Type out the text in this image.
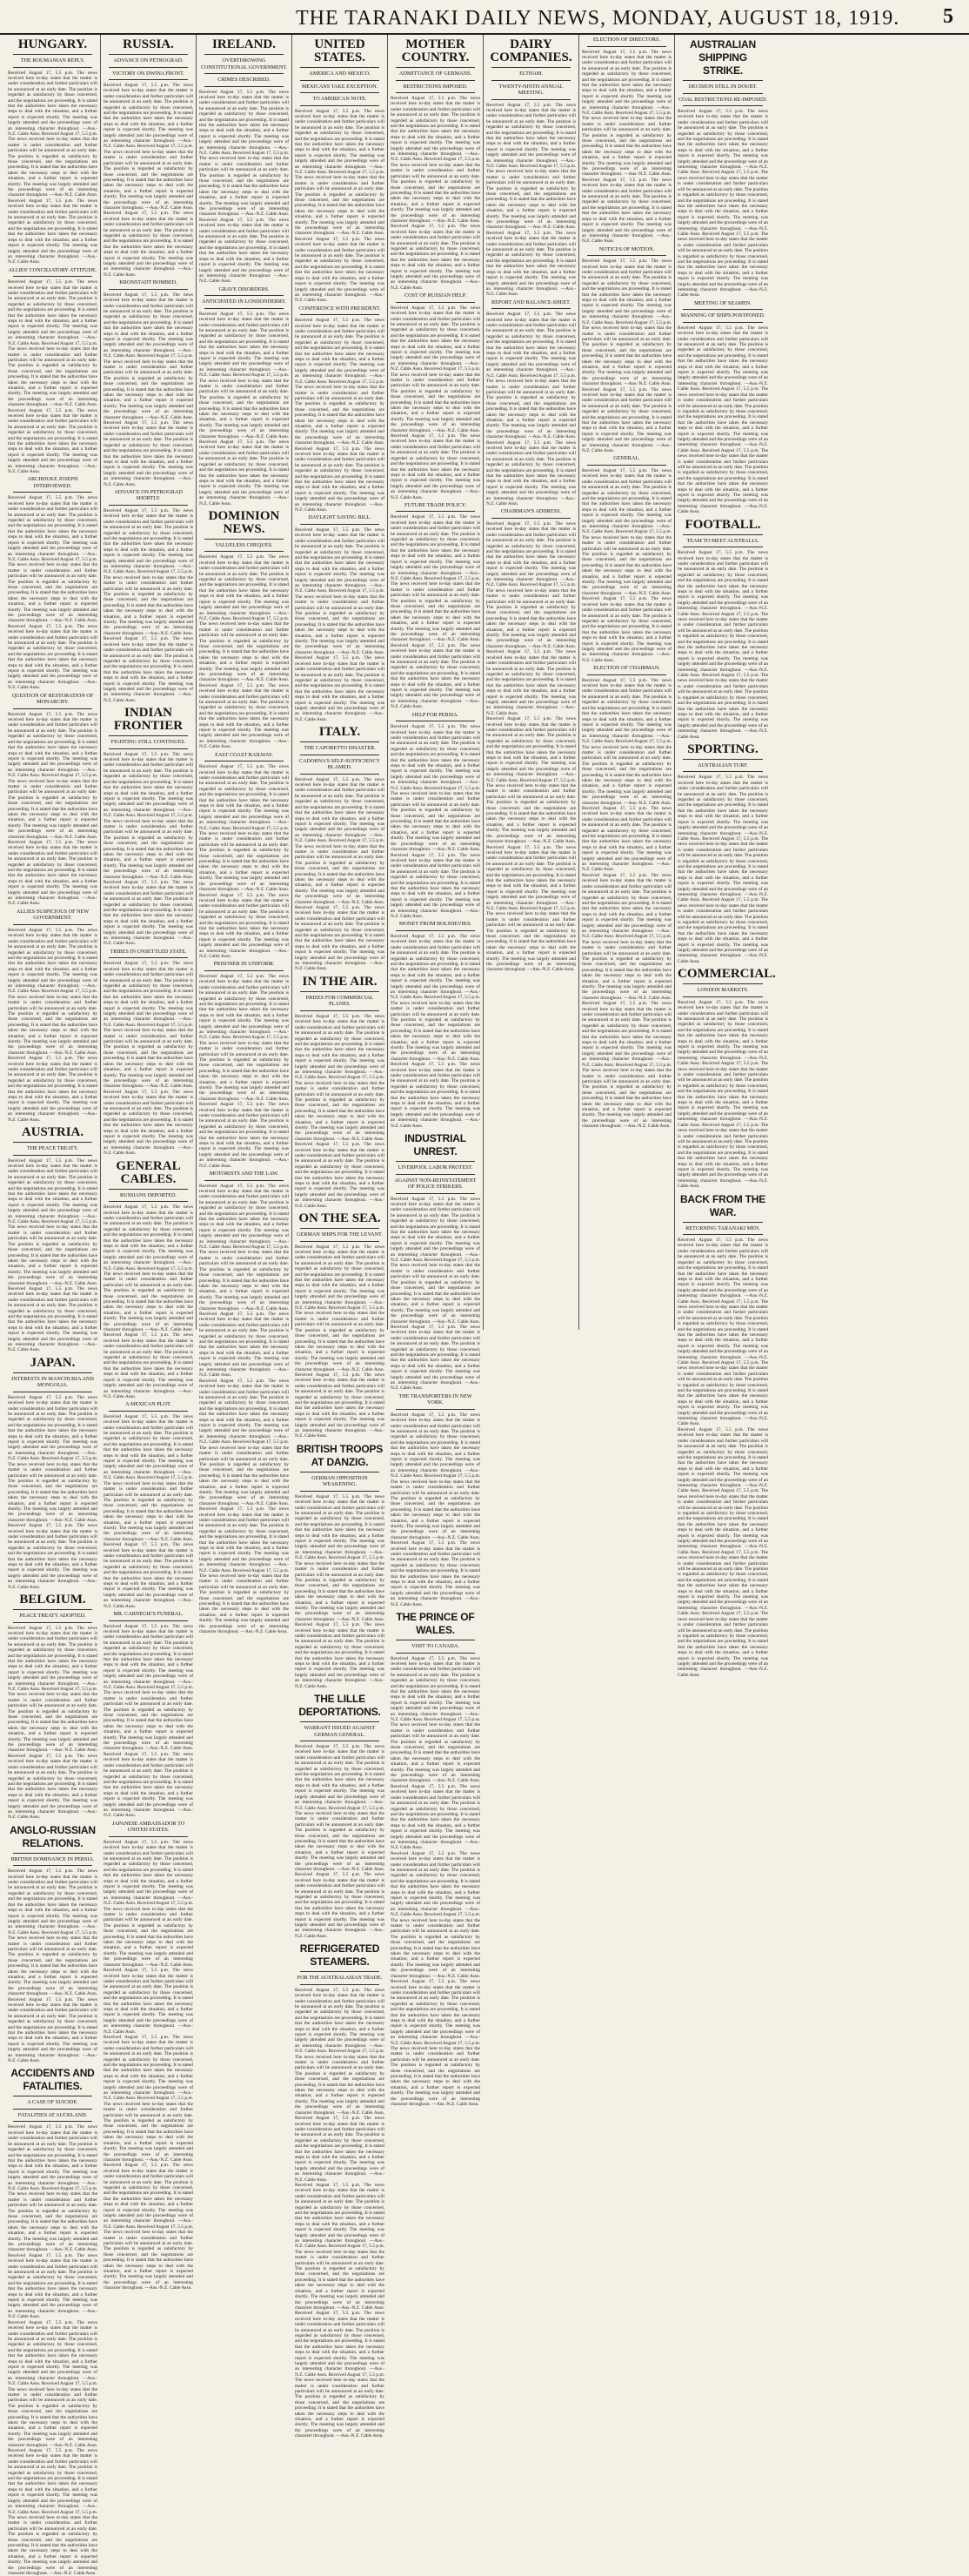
THE TARANAKI DAILY NEWS, MONDAY, AUGUST 18, 1919. 5
HUNGARY.
THE ROUMANIAN REPLY.
Received August 17, 5.5 p.m. The news received here to-day states that the matter is under consideration and further particulars will be announced at an early date. The position is regarded as satisfactory by those concerned, and the negotiations are proceeding. It is stated that the authorities have taken the necessary steps to deal with the situation, and a further report is expected shortly. The meeting was largely attended and the proceedings were of an interesting character throughout. —Aus.-N.Z. Cable Assn. Received August 17, 5.5 p.m. The news received here to-day states that the matter is under consideration and further particulars will be announced at an early date. The position is regarded as satisfactory by those concerned, and the negotiations are proceeding. It is stated that the authorities have taken the necessary steps to deal with the situation, and a further report is expected shortly. The meeting was largely attended and the proceedings were of an interesting character throughout. —Aus.-N.Z. Cable Assn. Received August 17, 5.5 p.m. The news received here to-day states that the matter is under consideration and further particulars will be announced at an early date. The position is regarded as satisfactory by those concerned, and the negotiations are proceeding. It is stated that the authorities have taken the necessary steps to deal with the situation, and a further report is expected shortly. The meeting was largely attended and the proceedings were of an interesting character throughout. —Aus.-N.Z. Cable Assn.
ALLIES' CONCILIATORY ATTITUDE.
Received August 17, 5.5 p.m. The news received here to-day states that the matter is under consideration and further particulars will be announced at an early date. The position is regarded as satisfactory by those concerned, and the negotiations are proceeding. It is stated that the authorities have taken the necessary steps to deal with the situation, and a further report is expected shortly. The meeting was largely attended and the proceedings were of an interesting character throughout. —Aus.-N.Z. Cable Assn. Received August 17, 5.5 p.m. The news received here to-day states that the matter is under consideration and further particulars will be announced at an early date. The position is regarded as satisfactory by those concerned, and the negotiations are proceeding. It is stated that the authorities have taken the necessary steps to deal with the situation, and a further report is expected shortly. The meeting was largely attended and the proceedings were of an interesting character throughout. —Aus.-N.Z. Cable Assn. Received August 17, 5.5 p.m. The news received here to-day states that the matter is under consideration and further particulars will be announced at an early date. The position is regarded as satisfactory by those concerned, and the negotiations are proceeding. It is stated that the authorities have taken the necessary steps to deal with the situation, and a further report is expected shortly. The meeting was largely attended and the proceedings were of an interesting character throughout. —Aus.-N.Z. Cable Assn.
ARCHDUKE JOSEPH INTERVIEWED.
Received August 17, 5.5 p.m. The news received here to-day states that the matter is under consideration and further particulars will be announced at an early date. The position is regarded as satisfactory by those concerned, and the negotiations are proceeding. It is stated that the authorities have taken the necessary steps to deal with the situation, and a further report is expected shortly. The meeting was largely attended and the proceedings were of an interesting character throughout. —Aus.-N.Z. Cable Assn. Received August 17, 5.5 p.m. The news received here to-day states that the matter is under consideration and further particulars will be announced at an early date. The position is regarded as satisfactory by those concerned, and the negotiations are proceeding. It is stated that the authorities have taken the necessary steps to deal with the situation, and a further report is expected shortly. The meeting was largely attended and the proceedings were of an interesting character throughout. —Aus.-N.Z. Cable Assn. Received August 17, 5.5 p.m. The news received here to-day states that the matter is under consideration and further particulars will be announced at an early date. The position is regarded as satisfactory by those concerned, and the negotiations are proceeding. It is stated that the authorities have taken the necessary steps to deal with the situation, and a further report is expected shortly. The meeting was largely attended and the proceedings were of an interesting character throughout. —Aus.-N.Z. Cable Assn.
QUESTION OF RESTORATION OF MONARCHY.
Received August 17, 5.5 p.m. The news received here to-day states that the matter is under consideration and further particulars will be announced at an early date. The position is regarded as satisfactory by those concerned, and the negotiations are proceeding. It is stated that the authorities have taken the necessary steps to deal with the situation, and a further report is expected shortly. The meeting was largely attended and the proceedings were of an interesting character throughout. —Aus.-N.Z. Cable Assn. Received August 17, 5.5 p.m. The news received here to-day states that the matter is under consideration and further particulars will be announced at an early date. The position is regarded as satisfactory by those concerned, and the negotiations are proceeding. It is stated that the authorities have taken the necessary steps to deal with the situation, and a further report is expected shortly. The meeting was largely attended and the proceedings were of an interesting character throughout. —Aus.-N.Z. Cable Assn. Received August 17, 5.5 p.m. The news received here to-day states that the matter is under consideration and further particulars will be announced at an early date. The position is regarded as satisfactory by those concerned, and the negotiations are proceeding. It is stated that the authorities have taken the necessary steps to deal with the situation, and a further report is expected shortly. The meeting was largely attended and the proceedings were of an interesting character throughout. —Aus.-N.Z. Cable Assn.
ALLIES SUSPICIOUS OF NEW GOVERNMENT.
Received August 17, 5.5 p.m. The news received here to-day states that the matter is under consideration and further particulars will be announced at an early date. The position is regarded as satisfactory by those concerned, and the negotiations are proceeding. It is stated that the authorities have taken the necessary steps to deal with the situation, and a further report is expected shortly. The meeting was largely attended and the proceedings were of an interesting character throughout. —Aus.-N.Z. Cable Assn. Received August 17, 5.5 p.m. The news received here to-day states that the matter is under consideration and further particulars will be announced at an early date. The position is regarded as satisfactory by those concerned, and the negotiations are proceeding. It is stated that the authorities have taken the necessary steps to deal with the situation, and a further report is expected shortly. The meeting was largely attended and the proceedings were of an interesting character throughout. —Aus.-N.Z. Cable Assn. Received August 17, 5.5 p.m. The news received here to-day states that the matter is under consideration and further particulars will be announced at an early date. The position is regarded as satisfactory by those concerned, and the negotiations are proceeding. It is stated that the authorities have taken the necessary steps to deal with the situation, and a further report is expected shortly. The meeting was largely attended and the proceedings were of an interesting character throughout. —Aus.-N.Z. Cable Assn.
AUSTRIA.
THE PEACE TREATY.
Received August 17, 5.5 p.m. The news received here to-day states that the matter is under consideration and further particulars will be announced at an early date. The position is regarded as satisfactory by those concerned, and the negotiations are proceeding. It is stated that the authorities have taken the necessary steps to deal with the situation, and a further report is expected shortly. The meeting was largely attended and the proceedings were of an interesting character throughout. —Aus.-N.Z. Cable Assn. Received August 17, 5.5 p.m. The news received here to-day states that the matter is under consideration and further particulars will be announced at an early date. The position is regarded as satisfactory by those concerned, and the negotiations are proceeding. It is stated that the authorities have taken the necessary steps to deal with the situation, and a further report is expected shortly. The meeting was largely attended and the proceedings were of an interesting character throughout. —Aus.-N.Z. Cable Assn. Received August 17, 5.5 p.m. The news received here to-day states that the matter is under consideration and further particulars will be announced at an early date. The position is regarded as satisfactory by those concerned, and the negotiations are proceeding. It is stated that the authorities have taken the necessary steps to deal with the situation, and a further report is expected shortly. The meeting was largely attended and the proceedings were of an interesting character throughout. —Aus.-N.Z. Cable Assn.
JAPAN.
INTERESTS IN MANCHURIA AND MONGOLIA.
Received August 17, 5.5 p.m. The news received here to-day states that the matter is under consideration and further particulars will be announced at an early date. The position is regarded as satisfactory by those concerned, and the negotiations are proceeding. It is stated that the authorities have taken the necessary steps to deal with the situation, and a further report is expected shortly. The meeting was largely attended and the proceedings were of an interesting character throughout. —Aus.-N.Z. Cable Assn. Received August 17, 5.5 p.m. The news received here to-day states that the matter is under consideration and further particulars will be announced at an early date. The position is regarded as satisfactory by those concerned, and the negotiations are proceeding. It is stated that the authorities have taken the necessary steps to deal with the situation, and a further report is expected shortly. The meeting was largely attended and the proceedings were of an interesting character throughout. —Aus.-N.Z. Cable Assn. Received August 17, 5.5 p.m. The news received here to-day states that the matter is under consideration and further particulars will be announced at an early date. The position is regarded as satisfactory by those concerned, and the negotiations are proceeding. It is stated that the authorities have taken the necessary steps to deal with the situation, and a further report is expected shortly. The meeting was largely attended and the proceedings were of an interesting character throughout. —Aus.-N.Z. Cable Assn.
BELGIUM.
PEACE TREATY ADOPTED.
Received August 17, 5.5 p.m. The news received here to-day states that the matter is under consideration and further particulars will be announced at an early date. The position is regarded as satisfactory by those concerned, and the negotiations are proceeding. It is stated that the authorities have taken the necessary steps to deal with the situation, and a further report is expected shortly. The meeting was largely attended and the proceedings were of an interesting character throughout. —Aus.-N.Z. Cable Assn. Received August 17, 5.5 p.m. The news received here to-day states that the matter is under consideration and further particulars will be announced at an early date. The position is regarded as satisfactory by those concerned, and the negotiations are proceeding. It is stated that the authorities have taken the necessary steps to deal with the situation, and a further report is expected shortly. The meeting was largely attended and the proceedings were of an interesting character throughout. —Aus.-N.Z. Cable Assn. Received August 17, 5.5 p.m. The news received here to-day states that the matter is under consideration and further particulars will be announced at an early date. The position is regarded as satisfactory by those concerned, and the negotiations are proceeding. It is stated that the authorities have taken the necessary steps to deal with the situation, and a further report is expected shortly. The meeting was largely attended and the proceedings were of an interesting character throughout. —Aus.-N.Z. Cable Assn.
ANGLO-RUSSIAN RELATIONS.
BRITISH DOMINANCE IN PERSIA.
Received August 17, 5.5 p.m. The news received here to-day states that the matter is under consideration and further particulars will be announced at an early date. The position is regarded as satisfactory by those concerned, and the negotiations are proceeding. It is stated that the authorities have taken the necessary steps to deal with the situation, and a further report is expected shortly. The meeting was largely attended and the proceedings were of an interesting character throughout. —Aus.-N.Z. Cable Assn. Received August 17, 5.5 p.m. The news received here to-day states that the matter is under consideration and further particulars will be announced at an early date. The position is regarded as satisfactory by those concerned, and the negotiations are proceeding. It is stated that the authorities have taken the necessary steps to deal with the situation, and a further report is expected shortly. The meeting was largely attended and the proceedings were of an interesting character throughout. —Aus.-N.Z. Cable Assn. Received August 17, 5.5 p.m. The news received here to-day states that the matter is under consideration and further particulars will be announced at an early date. The position is regarded as satisfactory by those concerned, and the negotiations are proceeding. It is stated that the authorities have taken the necessary steps to deal with the situation, and a further report is expected shortly. The meeting was largely attended and the proceedings were of an interesting character throughout. —Aus.-N.Z. Cable Assn.
ACCIDENTS AND FATALITIES.
A CASE OF SUICIDE.
FATALITIES AT AUCKLAND.
Received August 17, 5.5 p.m. The news received here to-day states that the matter is under consideration and further particulars will be announced at an early date. The position is regarded as satisfactory by those concerned, and the negotiations are proceeding. It is stated that the authorities have taken the necessary steps to deal with the situation, and a further report is expected shortly. The meeting was largely attended and the proceedings were of an interesting character throughout. —Aus.-N.Z. Cable Assn. Received August 17, 5.5 p.m. The news received here to-day states that the matter is under consideration and further particulars will be announced at an early date. The position is regarded as satisfactory by those concerned, and the negotiations are proceeding. It is stated that the authorities have taken the necessary steps to deal with the situation, and a further report is expected shortly. The meeting was largely attended and the proceedings were of an interesting character throughout. —Aus.-N.Z. Cable Assn. Received August 17, 5.5 p.m. The news received here to-day states that the matter is under consideration and further particulars will be announced at an early date. The position is regarded as satisfactory by those concerned, and the negotiations are proceeding. It is stated that the authorities have taken the necessary steps to deal with the situation, and a further report is expected shortly. The meeting was largely attended and the proceedings were of an interesting character throughout. —Aus.-N.Z. Cable Assn.
Received August 17, 5.5 p.m. The news received here to-day states that the matter is under consideration and further particulars will be announced at an early date. The position is regarded as satisfactory by those concerned, and the negotiations are proceeding. It is stated that the authorities have taken the necessary steps to deal with the situation, and a further report is expected shortly. The meeting was largely attended and the proceedings were of an interesting character throughout. —Aus.-N.Z. Cable Assn. Received August 17, 5.5 p.m. The news received here to-day states that the matter is under consideration and further particulars will be announced at an early date. The position is regarded as satisfactory by those concerned, and the negotiations are proceeding. It is stated that the authorities have taken the necessary steps to deal with the situation, and a further report is expected shortly. The meeting was largely attended and the proceedings were of an interesting character throughout. —Aus.-N.Z. Cable Assn. Received August 17, 5.5 p.m. The news received here to-day states that the matter is under consideration and further particulars will be announced at an early date. The position is regarded as satisfactory by those concerned, and the negotiations are proceeding. It is stated that the authorities have taken the necessary steps to deal with the situation, and a further report is expected shortly. The meeting was largely attended and the proceedings were of an interesting character throughout. —Aus.-N.Z. Cable Assn. Received August 17, 5.5 p.m. The news received here to-day states that the matter is under consideration and further particulars will be announced at an early date. The position is regarded as satisfactory by those concerned, and the negotiations are proceeding. It is stated that the authorities have taken the necessary steps to deal with the situation, and a further report is expected shortly. The meeting was largely attended and the proceedings were of an interesting character throughout. —Aus.-N.Z. Cable Assn.
RUSSIA.
ADVANCE ON PETROGRAD.
VICTORY ON DWINA FRONT.
Received August 17, 5.5 p.m. The news received here to-day states that the matter is under consideration and further particulars will be announced at an early date. The position is regarded as satisfactory by those concerned, and the negotiations are proceeding. It is stated that the authorities have taken the necessary steps to deal with the situation, and a further report is expected shortly. The meeting was largely attended and the proceedings were of an interesting character throughout. —Aus.-N.Z. Cable Assn. Received August 17, 5.5 p.m. The news received here to-day states that the matter is under consideration and further particulars will be announced at an early date. The position is regarded as satisfactory by those concerned, and the negotiations are proceeding. It is stated that the authorities have taken the necessary steps to deal with the situation, and a further report is expected shortly. The meeting was largely attended and the proceedings were of an interesting character throughout. —Aus.-N.Z. Cable Assn. Received August 17, 5.5 p.m. The news received here to-day states that the matter is under consideration and further particulars will be announced at an early date. The position is regarded as satisfactory by those concerned, and the negotiations are proceeding. It is stated that the authorities have taken the necessary steps to deal with the situation, and a further report is expected shortly. The meeting was largely attended and the proceedings were of an interesting character throughout. —Aus.-N.Z. Cable Assn.
KRONSTADT BOMBED.
Received August 17, 5.5 p.m. The news received here to-day states that the matter is under consideration and further particulars will be announced at an early date. The position is regarded as satisfactory by those concerned, and the negotiations are proceeding. It is stated that the authorities have taken the necessary steps to deal with the situation, and a further report is expected shortly. The meeting was largely attended and the proceedings were of an interesting character throughout. —Aus.-N.Z. Cable Assn. Received August 17, 5.5 p.m. The news received here to-day states that the matter is under consideration and further particulars will be announced at an early date. The position is regarded as satisfactory by those concerned, and the negotiations are proceeding. It is stated that the authorities have taken the necessary steps to deal with the situation, and a further report is expected shortly. The meeting was largely attended and the proceedings were of an interesting character throughout. —Aus.-N.Z. Cable Assn. Received August 17, 5.5 p.m. The news received here to-day states that the matter is under consideration and further particulars will be announced at an early date. The position is regarded as satisfactory by those concerned, and the negotiations are proceeding. It is stated that the authorities have taken the necessary steps to deal with the situation, and a further report is expected shortly. The meeting was largely attended and the proceedings were of an interesting character throughout. —Aus.-N.Z. Cable Assn.
ADVANCE ON PETROGRAD SHORTLY.
Received August 17, 5.5 p.m. The news received here to-day states that the matter is under consideration and further particulars will be announced at an early date. The position is regarded as satisfactory by those concerned, and the negotiations are proceeding. It is stated that the authorities have taken the necessary steps to deal with the situation, and a further report is expected shortly. The meeting was largely attended and the proceedings were of an interesting character throughout. —Aus.-N.Z. Cable Assn. Received August 17, 5.5 p.m. The news received here to-day states that the matter is under consideration and further particulars will be announced at an early date. The position is regarded as satisfactory by those concerned, and the negotiations are proceeding. It is stated that the authorities have taken the necessary steps to deal with the situation, and a further report is expected shortly. The meeting was largely attended and the proceedings were of an interesting character throughout. —Aus.-N.Z. Cable Assn. Received August 17, 5.5 p.m. The news received here to-day states that the matter is under consideration and further particulars will be announced at an early date. The position is regarded as satisfactory by those concerned, and the negotiations are proceeding. It is stated that the authorities have taken the necessary steps to deal with the situation, and a further report is expected shortly. The meeting was largely attended and the proceedings were of an interesting character throughout. —Aus.-N.Z. Cable Assn.
INDIAN FRONTIER
FIGHTING STILL CONTINUES.
Received August 17, 5.5 p.m. The news received here to-day states that the matter is under consideration and further particulars will be announced at an early date. The position is regarded as satisfactory by those concerned, and the negotiations are proceeding. It is stated that the authorities have taken the necessary steps to deal with the situation, and a further report is expected shortly. The meeting was largely attended and the proceedings were of an interesting character throughout. —Aus.-N.Z. Cable Assn. Received August 17, 5.5 p.m. The news received here to-day states that the matter is under consideration and further particulars will be announced at an early date. The position is regarded as satisfactory by those concerned, and the negotiations are proceeding. It is stated that the authorities have taken the necessary steps to deal with the situation, and a further report is expected shortly. The meeting was largely attended and the proceedings were of an interesting character throughout. —Aus.-N.Z. Cable Assn. Received August 17, 5.5 p.m. The news received here to-day states that the matter is under consideration and further particulars will be announced at an early date. The position is regarded as satisfactory by those concerned, and the negotiations are proceeding. It is stated that the authorities have taken the necessary steps to deal with the situation, and a further report is expected shortly. The meeting was largely attended and the proceedings were of an interesting character throughout. —Aus.-N.Z. Cable Assn.
TRIBES IN UNSETTLED STATE.
Received August 17, 5.5 p.m. The news received here to-day states that the matter is under consideration and further particulars will be announced at an early date. The position is regarded as satisfactory by those concerned, and the negotiations are proceeding. It is stated that the authorities have taken the necessary steps to deal with the situation, and a further report is expected shortly. The meeting was largely attended and the proceedings were of an interesting character throughout. —Aus.-N.Z. Cable Assn. Received August 17, 5.5 p.m. The news received here to-day states that the matter is under consideration and further particulars will be announced at an early date. The position is regarded as satisfactory by those concerned, and the negotiations are proceeding. It is stated that the authorities have taken the necessary steps to deal with the situation, and a further report is expected shortly. The meeting was largely attended and the proceedings were of an interesting character throughout. —Aus.-N.Z. Cable Assn. Received August 17, 5.5 p.m. The news received here to-day states that the matter is under consideration and further particulars will be announced at an early date. The position is regarded as satisfactory by those concerned, and the negotiations are proceeding. It is stated that the authorities have taken the necessary steps to deal with the situation, and a further report is expected shortly. The meeting was largely attended and the proceedings were of an interesting character throughout. —Aus.-N.Z. Cable Assn.
GENERAL CABLES.
RUSSIANS DEPORTED.
Received August 17, 5.5 p.m. The news received here to-day states that the matter is under consideration and further particulars will be announced at an early date. The position is regarded as satisfactory by those concerned, and the negotiations are proceeding. It is stated that the authorities have taken the necessary steps to deal with the situation, and a further report is expected shortly. The meeting was largely attended and the proceedings were of an interesting character throughout. —Aus.-N.Z. Cable Assn. Received August 17, 5.5 p.m. The news received here to-day states that the matter is under consideration and further particulars will be announced at an early date. The position is regarded as satisfactory by those concerned, and the negotiations are proceeding. It is stated that the authorities have taken the necessary steps to deal with the situation, and a further report is expected shortly. The meeting was largely attended and the proceedings were of an interesting character throughout. —Aus.-N.Z. Cable Assn. Received August 17, 5.5 p.m. The news received here to-day states that the matter is under consideration and further particulars will be announced at an early date. The position is regarded as satisfactory by those concerned, and the negotiations are proceeding. It is stated that the authorities have taken the necessary steps to deal with the situation, and a further report is expected shortly. The meeting was largely attended and the proceedings were of an interesting character throughout. —Aus.-N.Z. Cable Assn.
A MEXICAN PLOT.
Received August 17, 5.5 p.m. The news received here to-day states that the matter is under consideration and further particulars will be announced at an early date. The position is regarded as satisfactory by those concerned, and the negotiations are proceeding. It is stated that the authorities have taken the necessary steps to deal with the situation, and a further report is expected shortly. The meeting was largely attended and the proceedings were of an interesting character throughout. —Aus.-N.Z. Cable Assn. Received August 17, 5.5 p.m. The news received here to-day states that the matter is under consideration and further particulars will be announced at an early date. The position is regarded as satisfactory by those concerned, and the negotiations are proceeding. It is stated that the authorities have taken the necessary steps to deal with the situation, and a further report is expected shortly. The meeting was largely attended and the proceedings were of an interesting character throughout. —Aus.-N.Z. Cable Assn. Received August 17, 5.5 p.m. The news received here to-day states that the matter is under consideration and further particulars will be announced at an early date. The position is regarded as satisfactory by those concerned, and the negotiations are proceeding. It is stated that the authorities have taken the necessary steps to deal with the situation, and a further report is expected shortly. The meeting was largely attended and the proceedings were of an interesting character throughout. —Aus.-N.Z. Cable Assn.
MR. CARNEGIE'S FUNERAL.
Received August 17, 5.5 p.m. The news received here to-day states that the matter is under consideration and further particulars will be announced at an early date. The position is regarded as satisfactory by those concerned, and the negotiations are proceeding. It is stated that the authorities have taken the necessary steps to deal with the situation, and a further report is expected shortly. The meeting was largely attended and the proceedings were of an interesting character throughout. —Aus.-N.Z. Cable Assn. Received August 17, 5.5 p.m. The news received here to-day states that the matter is under consideration and further particulars will be announced at an early date. The position is regarded as satisfactory by those concerned, and the negotiations are proceeding. It is stated that the authorities have taken the necessary steps to deal with the situation, and a further report is expected shortly. The meeting was largely attended and the proceedings were of an interesting character throughout. —Aus.-N.Z. Cable Assn. Received August 17, 5.5 p.m. The news received here to-day states that the matter is under consideration and further particulars will be announced at an early date. The position is regarded as satisfactory by those concerned, and the negotiations are proceeding. It is stated that the authorities have taken the necessary steps to deal with the situation, and a further report is expected shortly. The meeting was largely attended and the proceedings were of an interesting character throughout. —Aus.-N.Z. Cable Assn.
JAPANESE AMBASSADOR TO UNITED STATES.
Received August 17, 5.5 p.m. The news received here to-day states that the matter is under consideration and further particulars will be announced at an early date. The position is regarded as satisfactory by those concerned, and the negotiations are proceeding. It is stated that the authorities have taken the necessary steps to deal with the situation, and a further report is expected shortly. The meeting was largely attended and the proceedings were of an interesting character throughout. —Aus.-N.Z. Cable Assn. Received August 17, 5.5 p.m. The news received here to-day states that the matter is under consideration and further particulars will be announced at an early date. The position is regarded as satisfactory by those concerned, and the negotiations are proceeding. It is stated that the authorities have taken the necessary steps to deal with the situation, and a further report is expected shortly. The meeting was largely attended and the proceedings were of an interesting character throughout. —Aus.-N.Z. Cable Assn. Received August 17, 5.5 p.m. The news received here to-day states that the matter is under consideration and further particulars will be announced at an early date. The position is regarded as satisfactory by those concerned, and the negotiations are proceeding. It is stated that the authorities have taken the necessary steps to deal with the situation, and a further report is expected shortly. The meeting was largely attended and the proceedings were of an interesting character throughout. —Aus.-N.Z. Cable Assn.
Received August 17, 5.5 p.m. The news received here to-day states that the matter is under consideration and further particulars will be announced at an early date. The position is regarded as satisfactory by those concerned, and the negotiations are proceeding. It is stated that the authorities have taken the necessary steps to deal with the situation, and a further report is expected shortly. The meeting was largely attended and the proceedings were of an interesting character throughout. —Aus.-N.Z. Cable Assn. Received August 17, 5.5 p.m. The news received here to-day states that the matter is under consideration and further particulars will be announced at an early date. The position is regarded as satisfactory by those concerned, and the negotiations are proceeding. It is stated that the authorities have taken the necessary steps to deal with the situation, and a further report is expected shortly. The meeting was largely attended and the proceedings were of an interesting character throughout. —Aus.-N.Z. Cable Assn. Received August 17, 5.5 p.m. The news received here to-day states that the matter is under consideration and further particulars will be announced at an early date. The position is regarded as satisfactory by those concerned, and the negotiations are proceeding. It is stated that the authorities have taken the necessary steps to deal with the situation, and a further report is expected shortly. The meeting was largely attended and the proceedings were of an interesting character throughout. —Aus.-N.Z. Cable Assn. Received August 17, 5.5 p.m. The news received here to-day states that the matter is under consideration and further particulars will be announced at an early date. The position is regarded as satisfactory by those concerned, and the negotiations are proceeding. It is stated that the authorities have taken the necessary steps to deal with the situation, and a further report is expected shortly. The meeting was largely attended and the proceedings were of an interesting character throughout. —Aus.-N.Z. Cable Assn.
IRELAND.
OVERTHROWING CONSTITUTIONAL GOVERNMENT.
CRIMES DESCRIBED.
Received August 17, 5.5 p.m. The news received here to-day states that the matter is under consideration and further particulars will be announced at an early date. The position is regarded as satisfactory by those concerned, and the negotiations are proceeding. It is stated that the authorities have taken the necessary steps to deal with the situation, and a further report is expected shortly. The meeting was largely attended and the proceedings were of an interesting character throughout. —Aus.-N.Z. Cable Assn. Received August 17, 5.5 p.m. The news received here to-day states that the matter is under consideration and further particulars will be announced at an early date. The position is regarded as satisfactory by those concerned, and the negotiations are proceeding. It is stated that the authorities have taken the necessary steps to deal with the situation, and a further report is expected shortly. The meeting was largely attended and the proceedings were of an interesting character throughout. —Aus.-N.Z. Cable Assn. Received August 17, 5.5 p.m. The news received here to-day states that the matter is under consideration and further particulars will be announced at an early date. The position is regarded as satisfactory by those concerned, and the negotiations are proceeding. It is stated that the authorities have taken the necessary steps to deal with the situation, and a further report is expected shortly. The meeting was largely attended and the proceedings were of an interesting character throughout. —Aus.-N.Z. Cable Assn.
GRAVE DISORDERS.
ANTICIPATED IN LONDONDERRY.
Received August 17, 5.5 p.m. The news received here to-day states that the matter is under consideration and further particulars will be announced at an early date. The position is regarded as satisfactory by those concerned, and the negotiations are proceeding. It is stated that the authorities have taken the necessary steps to deal with the situation, and a further report is expected shortly. The meeting was largely attended and the proceedings were of an interesting character throughout. —Aus.-N.Z. Cable Assn. Received August 17, 5.5 p.m. The news received here to-day states that the matter is under consideration and further particulars will be announced at an early date. The position is regarded as satisfactory by those concerned, and the negotiations are proceeding. It is stated that the authorities have taken the necessary steps to deal with the situation, and a further report is expected shortly. The meeting was largely attended and the proceedings were of an interesting character throughout. —Aus.-N.Z. Cable Assn. Received August 17, 5.5 p.m. The news received here to-day states that the matter is under consideration and further particulars will be announced at an early date. The position is regarded as satisfactory by those concerned, and the negotiations are proceeding. It is stated that the authorities have taken the necessary steps to deal with the situation, and a further report is expected shortly. The meeting was largely attended and the proceedings were of an interesting character throughout. —Aus.-N.Z. Cable Assn.
DOMINION NEWS.
VALUELESS CHEQUES.
Received August 17, 5.5 p.m. The news received here to-day states that the matter is under consideration and further particulars will be announced at an early date. The position is regarded as satisfactory by those concerned, and the negotiations are proceeding. It is stated that the authorities have taken the necessary steps to deal with the situation, and a further report is expected shortly. The meeting was largely attended and the proceedings were of an interesting character throughout. —Aus.-N.Z. Cable Assn. Received August 17, 5.5 p.m. The news received here to-day states that the matter is under consideration and further particulars will be announced at an early date. The position is regarded as satisfactory by those concerned, and the negotiations are proceeding. It is stated that the authorities have taken the necessary steps to deal with the situation, and a further report is expected shortly. The meeting was largely attended and the proceedings were of an interesting character throughout. —Aus.-N.Z. Cable Assn. Received August 17, 5.5 p.m. The news received here to-day states that the matter is under consideration and further particulars will be announced at an early date. The position is regarded as satisfactory by those concerned, and the negotiations are proceeding. It is stated that the authorities have taken the necessary steps to deal with the situation, and a further report is expected shortly. The meeting was largely attended and the proceedings were of an interesting character throughout. —Aus.-N.Z. Cable Assn.
EAST COAST RAILWAY.
Received August 17, 5.5 p.m. The news received here to-day states that the matter is under consideration and further particulars will be announced at an early date. The position is regarded as satisfactory by those concerned, and the negotiations are proceeding. It is stated that the authorities have taken the necessary steps to deal with the situation, and a further report is expected shortly. The meeting was largely attended and the proceedings were of an interesting character throughout. —Aus.-N.Z. Cable Assn. Received August 17, 5.5 p.m. The news received here to-day states that the matter is under consideration and further particulars will be announced at an early date. The position is regarded as satisfactory by those concerned, and the negotiations are proceeding. It is stated that the authorities have taken the necessary steps to deal with the situation, and a further report is expected shortly. The meeting was largely attended and the proceedings were of an interesting character throughout. —Aus.-N.Z. Cable Assn. Received August 17, 5.5 p.m. The news received here to-day states that the matter is under consideration and further particulars will be announced at an early date. The position is regarded as satisfactory by those concerned, and the negotiations are proceeding. It is stated that the authorities have taken the necessary steps to deal with the situation, and a further report is expected shortly. The meeting was largely attended and the proceedings were of an interesting character throughout. —Aus.-N.Z. Cable Assn.
PRISONER IN UNIFORM.
Received August 17, 5.5 p.m. The news received here to-day states that the matter is under consideration and further particulars will be announced at an early date. The position is regarded as satisfactory by those concerned, and the negotiations are proceeding. It is stated that the authorities have taken the necessary steps to deal with the situation, and a further report is expected shortly. The meeting was largely attended and the proceedings were of an interesting character throughout. —Aus.-N.Z. Cable Assn. Received August 17, 5.5 p.m. The news received here to-day states that the matter is under consideration and further particulars will be announced at an early date. The position is regarded as satisfactory by those concerned, and the negotiations are proceeding. It is stated that the authorities have taken the necessary steps to deal with the situation, and a further report is expected shortly. The meeting was largely attended and the proceedings were of an interesting character throughout. —Aus.-N.Z. Cable Assn. Received August 17, 5.5 p.m. The news received here to-day states that the matter is under consideration and further particulars will be announced at an early date. The position is regarded as satisfactory by those concerned, and the negotiations are proceeding. It is stated that the authorities have taken the necessary steps to deal with the situation, and a further report is expected shortly. The meeting was largely attended and the proceedings were of an interesting character throughout. —Aus.-N.Z. Cable Assn.
MOTORISTS AND THE LAW.
Received August 17, 5.5 p.m. The news received here to-day states that the matter is under consideration and further particulars will be announced at an early date. The position is regarded as satisfactory by those concerned, and the negotiations are proceeding. It is stated that the authorities have taken the necessary steps to deal with the situation, and a further report is expected shortly. The meeting was largely attended and the proceedings were of an interesting character throughout. —Aus.-N.Z. Cable Assn. Received August 17, 5.5 p.m. The news received here to-day states that the matter is under consideration and further particulars will be announced at an early date. The position is regarded as satisfactory by those concerned, and the negotiations are proceeding. It is stated that the authorities have taken the necessary steps to deal with the situation, and a further report is expected shortly. The meeting was largely attended and the proceedings were of an interesting character throughout. —Aus.-N.Z. Cable Assn. Received August 17, 5.5 p.m. The news received here to-day states that the matter is under consideration and further particulars will be announced at an early date. The position is regarded as satisfactory by those concerned, and the negotiations are proceeding. It is stated that the authorities have taken the necessary steps to deal with the situation, and a further report is expected shortly. The meeting was largely attended and the proceedings were of an interesting character throughout. —Aus.-N.Z. Cable Assn.
Received August 17, 5.5 p.m. The news received here to-day states that the matter is under consideration and further particulars will be announced at an early date. The position is regarded as satisfactory by those concerned, and the negotiations are proceeding. It is stated that the authorities have taken the necessary steps to deal with the situation, and a further report is expected shortly. The meeting was largely attended and the proceedings were of an interesting character throughout. —Aus.-N.Z. Cable Assn. Received August 17, 5.5 p.m. The news received here to-day states that the matter is under consideration and further particulars will be announced at an early date. The position is regarded as satisfactory by those concerned, and the negotiations are proceeding. It is stated that the authorities have taken the necessary steps to deal with the situation, and a further report is expected shortly. The meeting was largely attended and the proceedings were of an interesting character throughout. —Aus.-N.Z. Cable Assn. Received August 17, 5.5 p.m. The news received here to-day states that the matter is under consideration and further particulars will be announced at an early date. The position is regarded as satisfactory by those concerned, and the negotiations are proceeding. It is stated that the authorities have taken the necessary steps to deal with the situation, and a further report is expected shortly. The meeting was largely attended and the proceedings were of an interesting character throughout. —Aus.-N.Z. Cable Assn. Received August 17, 5.5 p.m. The news received here to-day states that the matter is under consideration and further particulars will be announced at an early date. The position is regarded as satisfactory by those concerned, and the negotiations are proceeding. It is stated that the authorities have taken the necessary steps to deal with the situation, and a further report is expected shortly. The meeting was largely attended and the proceedings were of an interesting character throughout. —Aus.-N.Z. Cable Assn.
UNITED STATES.
AMERICA AND MEXICO.
MEXICANS TAKE EXCEPTION.
TO AMERICAN NOTE.
Received August 17, 5.5 p.m. The news received here to-day states that the matter is under consideration and further particulars will be announced at an early date. The position is regarded as satisfactory by those concerned, and the negotiations are proceeding. It is stated that the authorities have taken the necessary steps to deal with the situation, and a further report is expected shortly. The meeting was largely attended and the proceedings were of an interesting character throughout. —Aus.-N.Z. Cable Assn. Received August 17, 5.5 p.m. The news received here to-day states that the matter is under consideration and further particulars will be announced at an early date. The position is regarded as satisfactory by those concerned, and the negotiations are proceeding. It is stated that the authorities have taken the necessary steps to deal with the situation, and a further report is expected shortly. The meeting was largely attended and the proceedings were of an interesting character throughout. —Aus.-N.Z. Cable Assn. Received August 17, 5.5 p.m. The news received here to-day states that the matter is under consideration and further particulars will be announced at an early date. The position is regarded as satisfactory by those concerned, and the negotiations are proceeding. It is stated that the authorities have taken the necessary steps to deal with the situation, and a further report is expected shortly. The meeting was largely attended and the proceedings were of an interesting character throughout. —Aus.-N.Z. Cable Assn.
CONFERENCE WITH PRESIDENT.
Received August 17, 5.5 p.m. The news received here to-day states that the matter is under consideration and further particulars will be announced at an early date. The position is regarded as satisfactory by those concerned, and the negotiations are proceeding. It is stated that the authorities have taken the necessary steps to deal with the situation, and a further report is expected shortly. The meeting was largely attended and the proceedings were of an interesting character throughout. —Aus.-N.Z. Cable Assn. Received August 17, 5.5 p.m. The news received here to-day states that the matter is under consideration and further particulars will be announced at an early date. The position is regarded as satisfactory by those concerned, and the negotiations are proceeding. It is stated that the authorities have taken the necessary steps to deal with the situation, and a further report is expected shortly. The meeting was largely attended and the proceedings were of an interesting character throughout. —Aus.-N.Z. Cable Assn. Received August 17, 5.5 p.m. The news received here to-day states that the matter is under consideration and further particulars will be announced at an early date. The position is regarded as satisfactory by those concerned, and the negotiations are proceeding. It is stated that the authorities have taken the necessary steps to deal with the situation, and a further report is expected shortly. The meeting was largely attended and the proceedings were of an interesting character throughout. —Aus.-N.Z. Cable Assn.
DAYLIGHT SAVING BILL.
Received August 17, 5.5 p.m. The news received here to-day states that the matter is under consideration and further particulars will be announced at an early date. The position is regarded as satisfactory by those concerned, and the negotiations are proceeding. It is stated that the authorities have taken the necessary steps to deal with the situation, and a further report is expected shortly. The meeting was largely attended and the proceedings were of an interesting character throughout. —Aus.-N.Z. Cable Assn. Received August 17, 5.5 p.m. The news received here to-day states that the matter is under consideration and further particulars will be announced at an early date. The position is regarded as satisfactory by those concerned, and the negotiations are proceeding. It is stated that the authorities have taken the necessary steps to deal with the situation, and a further report is expected shortly. The meeting was largely attended and the proceedings were of an interesting character throughout. —Aus.-N.Z. Cable Assn. Received August 17, 5.5 p.m. The news received here to-day states that the matter is under consideration and further particulars will be announced at an early date. The position is regarded as satisfactory by those concerned, and the negotiations are proceeding. It is stated that the authorities have taken the necessary steps to deal with the situation, and a further report is expected shortly. The meeting was largely attended and the proceedings were of an interesting character throughout. —Aus.-N.Z. Cable Assn.
ITALY.
THE CAPORETTO DISASTER.
CADORNA'S SELF-SUFFICIENCY BLAMED.
Received August 17, 5.5 p.m. The news received here to-day states that the matter is under consideration and further particulars will be announced at an early date. The position is regarded as satisfactory by those concerned, and the negotiations are proceeding. It is stated that the authorities have taken the necessary steps to deal with the situation, and a further report is expected shortly. The meeting was largely attended and the proceedings were of an interesting character throughout. —Aus.-N.Z. Cable Assn. Received August 17, 5.5 p.m. The news received here to-day states that the matter is under consideration and further particulars will be announced at an early date. The position is regarded as satisfactory by those concerned, and the negotiations are proceeding. It is stated that the authorities have taken the necessary steps to deal with the situation, and a further report is expected shortly. The meeting was largely attended and the proceedings were of an interesting character throughout. —Aus.-N.Z. Cable Assn. Received August 17, 5.5 p.m. The news received here to-day states that the matter is under consideration and further particulars will be announced at an early date. The position is regarded as satisfactory by those concerned, and the negotiations are proceeding. It is stated that the authorities have taken the necessary steps to deal with the situation, and a further report is expected shortly. The meeting was largely attended and the proceedings were of an interesting character throughout. —Aus.-N.Z. Cable Assn.
IN THE AIR.
PRIZES FOR COMMERCIAL PLANES.
Received August 17, 5.5 p.m. The news received here to-day states that the matter is under consideration and further particulars will be announced at an early date. The position is regarded as satisfactory by those concerned, and the negotiations are proceeding. It is stated that the authorities have taken the necessary steps to deal with the situation, and a further report is expected shortly. The meeting was largely attended and the proceedings were of an interesting character throughout. —Aus.-N.Z. Cable Assn. Received August 17, 5.5 p.m. The news received here to-day states that the matter is under consideration and further particulars will be announced at an early date. The position is regarded as satisfactory by those concerned, and the negotiations are proceeding. It is stated that the authorities have taken the necessary steps to deal with the situation, and a further report is expected shortly. The meeting was largely attended and the proceedings were of an interesting character throughout. —Aus.-N.Z. Cable Assn. Received August 17, 5.5 p.m. The news received here to-day states that the matter is under consideration and further particulars will be announced at an early date. The position is regarded as satisfactory by those concerned, and the negotiations are proceeding. It is stated that the authorities have taken the necessary steps to deal with the situation, and a further report is expected shortly. The meeting was largely attended and the proceedings were of an interesting character throughout. —Aus.-N.Z. Cable Assn.
ON THE SEA.
GERMAN SHIPS FOR THE LEVANT.
Received August 17, 5.5 p.m. The news received here to-day states that the matter is under consideration and further particulars will be announced at an early date. The position is regarded as satisfactory by those concerned, and the negotiations are proceeding. It is stated that the authorities have taken the necessary steps to deal with the situation, and a further report is expected shortly. The meeting was largely attended and the proceedings were of an interesting character throughout. —Aus.-N.Z. Cable Assn. Received August 17, 5.5 p.m. The news received here to-day states that the matter is under consideration and further particulars will be announced at an early date. The position is regarded as satisfactory by those concerned, and the negotiations are proceeding. It is stated that the authorities have taken the necessary steps to deal with the situation, and a further report is expected shortly. The meeting was largely attended and the proceedings were of an interesting character throughout. —Aus.-N.Z. Cable Assn. Received August 17, 5.5 p.m. The news received here to-day states that the matter is under consideration and further particulars will be announced at an early date. The position is regarded as satisfactory by those concerned, and the negotiations are proceeding. It is stated that the authorities have taken the necessary steps to deal with the situation, and a further report is expected shortly. The meeting was largely attended and the proceedings were of an interesting character throughout. —Aus.-N.Z. Cable Assn.
BRITISH TROOPS AT DANZIG.
GERMAN OPPOSITION WEAKENING.
Received August 17, 5.5 p.m. The news received here to-day states that the matter is under consideration and further particulars will be announced at an early date. The position is regarded as satisfactory by those concerned, and the negotiations are proceeding. It is stated that the authorities have taken the necessary steps to deal with the situation, and a further report is expected shortly. The meeting was largely attended and the proceedings were of an interesting character throughout. —Aus.-N.Z. Cable Assn. Received August 17, 5.5 p.m. The news received here to-day states that the matter is under consideration and further particulars will be announced at an early date. The position is regarded as satisfactory by those concerned, and the negotiations are proceeding. It is stated that the authorities have taken the necessary steps to deal with the situation, and a further report is expected shortly. The meeting was largely attended and the proceedings were of an interesting character throughout. —Aus.-N.Z. Cable Assn. Received August 17, 5.5 p.m. The news received here to-day states that the matter is under consideration and further particulars will be announced at an early date. The position is regarded as satisfactory by those concerned, and the negotiations are proceeding. It is stated that the authorities have taken the necessary steps to deal with the situation, and a further report is expected shortly. The meeting was largely attended and the proceedings were of an interesting character throughout. —Aus.-N.Z. Cable Assn.
THE LILLE DEPORTATIONS.
WARRANT ISSUED AGAINST GERMAN GENERAL.
Received August 17, 5.5 p.m. The news received here to-day states that the matter is under consideration and further particulars will be announced at an early date. The position is regarded as satisfactory by those concerned, and the negotiations are proceeding. It is stated that the authorities have taken the necessary steps to deal with the situation, and a further report is expected shortly. The meeting was largely attended and the proceedings were of an interesting character throughout. —Aus.-N.Z. Cable Assn. Received August 17, 5.5 p.m. The news received here to-day states that the matter is under consideration and further particulars will be announced at an early date. The position is regarded as satisfactory by those concerned, and the negotiations are proceeding. It is stated that the authorities have taken the necessary steps to deal with the situation, and a further report is expected shortly. The meeting was largely attended and the proceedings were of an interesting character throughout. —Aus.-N.Z. Cable Assn. Received August 17, 5.5 p.m. The news received here to-day states that the matter is under consideration and further particulars will be announced at an early date. The position is regarded as satisfactory by those concerned, and the negotiations are proceeding. It is stated that the authorities have taken the necessary steps to deal with the situation, and a further report is expected shortly. The meeting was largely attended and the proceedings were of an interesting character throughout. —Aus.-N.Z. Cable Assn.
REFRIGERATED STEAMERS.
FOR THE AUSTRALASIAN TRADE.
Received August 17, 5.5 p.m. The news received here to-day states that the matter is under consideration and further particulars will be announced at an early date. The position is regarded as satisfactory by those concerned, and the negotiations are proceeding. It is stated that the authorities have taken the necessary steps to deal with the situation, and a further report is expected shortly. The meeting was largely attended and the proceedings were of an interesting character throughout. —Aus.-N.Z. Cable Assn. Received August 17, 5.5 p.m. The news received here to-day states that the matter is under consideration and further particulars will be announced at an early date. The position is regarded as satisfactory by those concerned, and the negotiations are proceeding. It is stated that the authorities have taken the necessary steps to deal with the situation, and a further report is expected shortly. The meeting was largely attended and the proceedings were of an interesting character throughout. —Aus.-N.Z. Cable Assn. Received August 17, 5.5 p.m. The news received here to-day states that the matter is under consideration and further particulars will be announced at an early date. The position is regarded as satisfactory by those concerned, and the negotiations are proceeding. It is stated that the authorities have taken the necessary steps to deal with the situation, and a further report is expected shortly. The meeting was largely attended and the proceedings were of an interesting character throughout. —Aus.-N.Z. Cable Assn.
Received August 17, 5.5 p.m. The news received here to-day states that the matter is under consideration and further particulars will be announced at an early date. The position is regarded as satisfactory by those concerned, and the negotiations are proceeding. It is stated that the authorities have taken the necessary steps to deal with the situation, and a further report is expected shortly. The meeting was largely attended and the proceedings were of an interesting character throughout. —Aus.-N.Z. Cable Assn. Received August 17, 5.5 p.m. The news received here to-day states that the matter is under consideration and further particulars will be announced at an early date. The position is regarded as satisfactory by those concerned, and the negotiations are proceeding. It is stated that the authorities have taken the necessary steps to deal with the situation, and a further report is expected shortly. The meeting was largely attended and the proceedings were of an interesting character throughout. —Aus.-N.Z. Cable Assn. Received August 17, 5.5 p.m. The news received here to-day states that the matter is under consideration and further particulars will be announced at an early date. The position is regarded as satisfactory by those concerned, and the negotiations are proceeding. It is stated that the authorities have taken the necessary steps to deal with the situation, and a further report is expected shortly. The meeting was largely attended and the proceedings were of an interesting character throughout. —Aus.-N.Z. Cable Assn. Received August 17, 5.5 p.m. The news received here to-day states that the matter is under consideration and further particulars will be announced at an early date. The position is regarded as satisfactory by those concerned, and the negotiations are proceeding. It is stated that the authorities have taken the necessary steps to deal with the situation, and a further report is expected shortly. The meeting was largely attended and the proceedings were of an interesting character throughout. —Aus.-N.Z. Cable Assn.
MOTHER COUNTRY.
ADMITTANCE OF GERMANS.
RESTRICTIONS IMPOSED.
Received August 17, 5.5 p.m. The news received here to-day states that the matter is under consideration and further particulars will be announced at an early date. The position is regarded as satisfactory by those concerned, and the negotiations are proceeding. It is stated that the authorities have taken the necessary steps to deal with the situation, and a further report is expected shortly. The meeting was largely attended and the proceedings were of an interesting character throughout. —Aus.-N.Z. Cable Assn. Received August 17, 5.5 p.m. The news received here to-day states that the matter is under consideration and further particulars will be announced at an early date. The position is regarded as satisfactory by those concerned, and the negotiations are proceeding. It is stated that the authorities have taken the necessary steps to deal with the situation, and a further report is expected shortly. The meeting was largely attended and the proceedings were of an interesting character throughout. —Aus.-N.Z. Cable Assn. Received August 17, 5.5 p.m. The news received here to-day states that the matter is under consideration and further particulars will be announced at an early date. The position is regarded as satisfactory by those concerned, and the negotiations are proceeding. It is stated that the authorities have taken the necessary steps to deal with the situation, and a further report is expected shortly. The meeting was largely attended and the proceedings were of an interesting character throughout. —Aus.-N.Z. Cable Assn.
COST OF RUSSIAN HELP.
Received August 17, 5.5 p.m. The news received here to-day states that the matter is under consideration and further particulars will be announced at an early date. The position is regarded as satisfactory by those concerned, and the negotiations are proceeding. It is stated that the authorities have taken the necessary steps to deal with the situation, and a further report is expected shortly. The meeting was largely attended and the proceedings were of an interesting character throughout. —Aus.-N.Z. Cable Assn. Received August 17, 5.5 p.m. The news received here to-day states that the matter is under consideration and further particulars will be announced at an early date. The position is regarded as satisfactory by those concerned, and the negotiations are proceeding. It is stated that the authorities have taken the necessary steps to deal with the situation, and a further report is expected shortly. The meeting was largely attended and the proceedings were of an interesting character throughout. —Aus.-N.Z. Cable Assn. Received August 17, 5.5 p.m. The news received here to-day states that the matter is under consideration and further particulars will be announced at an early date. The position is regarded as satisfactory by those concerned, and the negotiations are proceeding. It is stated that the authorities have taken the necessary steps to deal with the situation, and a further report is expected shortly. The meeting was largely attended and the proceedings were of an interesting character throughout. —Aus.-N.Z. Cable Assn.
FUTURE TRADE POLICY.
Received August 17, 5.5 p.m. The news received here to-day states that the matter is under consideration and further particulars will be announced at an early date. The position is regarded as satisfactory by those concerned, and the negotiations are proceeding. It is stated that the authorities have taken the necessary steps to deal with the situation, and a further report is expected shortly. The meeting was largely attended and the proceedings were of an interesting character throughout. —Aus.-N.Z. Cable Assn. Received August 17, 5.5 p.m. The news received here to-day states that the matter is under consideration and further particulars will be announced at an early date. The position is regarded as satisfactory by those concerned, and the negotiations are proceeding. It is stated that the authorities have taken the necessary steps to deal with the situation, and a further report is expected shortly. The meeting was largely attended and the proceedings were of an interesting character throughout. —Aus.-N.Z. Cable Assn. Received August 17, 5.5 p.m. The news received here to-day states that the matter is under consideration and further particulars will be announced at an early date. The position is regarded as satisfactory by those concerned, and the negotiations are proceeding. It is stated that the authorities have taken the necessary steps to deal with the situation, and a further report is expected shortly. The meeting was largely attended and the proceedings were of an interesting character throughout. —Aus.-N.Z. Cable Assn.
HELP FOR PERSIA.
Received August 17, 5.5 p.m. The news received here to-day states that the matter is under consideration and further particulars will be announced at an early date. The position is regarded as satisfactory by those concerned, and the negotiations are proceeding. It is stated that the authorities have taken the necessary steps to deal with the situation, and a further report is expected shortly. The meeting was largely attended and the proceedings were of an interesting character throughout. —Aus.-N.Z. Cable Assn. Received August 17, 5.5 p.m. The news received here to-day states that the matter is under consideration and further particulars will be announced at an early date. The position is regarded as satisfactory by those concerned, and the negotiations are proceeding. It is stated that the authorities have taken the necessary steps to deal with the situation, and a further report is expected shortly. The meeting was largely attended and the proceedings were of an interesting character throughout. —Aus.-N.Z. Cable Assn. Received August 17, 5.5 p.m. The news received here to-day states that the matter is under consideration and further particulars will be announced at an early date. The position is regarded as satisfactory by those concerned, and the negotiations are proceeding. It is stated that the authorities have taken the necessary steps to deal with the situation, and a further report is expected shortly. The meeting was largely attended and the proceedings were of an interesting character throughout. —Aus.-N.Z. Cable Assn.
MONEY FROM BOLSHEVIKS.
Received August 17, 5.5 p.m. The news received here to-day states that the matter is under consideration and further particulars will be announced at an early date. The position is regarded as satisfactory by those concerned, and the negotiations are proceeding. It is stated that the authorities have taken the necessary steps to deal with the situation, and a further report is expected shortly. The meeting was largely attended and the proceedings were of an interesting character throughout. —Aus.-N.Z. Cable Assn. Received August 17, 5.5 p.m. The news received here to-day states that the matter is under consideration and further particulars will be announced at an early date. The position is regarded as satisfactory by those concerned, and the negotiations are proceeding. It is stated that the authorities have taken the necessary steps to deal with the situation, and a further report is expected shortly. The meeting was largely attended and the proceedings were of an interesting character throughout. —Aus.-N.Z. Cable Assn. Received August 17, 5.5 p.m. The news received here to-day states that the matter is under consideration and further particulars will be announced at an early date. The position is regarded as satisfactory by those concerned, and the negotiations are proceeding. It is stated that the authorities have taken the necessary steps to deal with the situation, and a further report is expected shortly. The meeting was largely attended and the proceedings were of an interesting character throughout. —Aus.-N.Z. Cable Assn.
INDUSTRIAL UNREST.
LIVERPOOL LABOR PROTEST.
AGAINST NON-REINSTATEMENT OF POLICE STRIKERS.
Received August 17, 5.5 p.m. The news received here to-day states that the matter is under consideration and further particulars will be announced at an early date. The position is regarded as satisfactory by those concerned, and the negotiations are proceeding. It is stated that the authorities have taken the necessary steps to deal with the situation, and a further report is expected shortly. The meeting was largely attended and the proceedings were of an interesting character throughout. —Aus.-N.Z. Cable Assn. Received August 17, 5.5 p.m. The news received here to-day states that the matter is under consideration and further particulars will be announced at an early date. The position is regarded as satisfactory by those concerned, and the negotiations are proceeding. It is stated that the authorities have taken the necessary steps to deal with the situation, and a further report is expected shortly. The meeting was largely attended and the proceedings were of an interesting character throughout. —Aus.-N.Z. Cable Assn. Received August 17, 5.5 p.m. The news received here to-day states that the matter is under consideration and further particulars will be announced at an early date. The position is regarded as satisfactory by those concerned, and the negotiations are proceeding. It is stated that the authorities have taken the necessary steps to deal with the situation, and a further report is expected shortly. The meeting was largely attended and the proceedings were of an interesting character throughout. —Aus.-N.Z. Cable Assn.
THE TRANSPORTERS IN NEW YORK.
Received August 17, 5.5 p.m. The news received here to-day states that the matter is under consideration and further particulars will be announced at an early date. The position is regarded as satisfactory by those concerned, and the negotiations are proceeding. It is stated that the authorities have taken the necessary steps to deal with the situation, and a further report is expected shortly. The meeting was largely attended and the proceedings were of an interesting character throughout. —Aus.-N.Z. Cable Assn. Received August 17, 5.5 p.m. The news received here to-day states that the matter is under consideration and further particulars will be announced at an early date. The position is regarded as satisfactory by those concerned, and the negotiations are proceeding. It is stated that the authorities have taken the necessary steps to deal with the situation, and a further report is expected shortly. The meeting was largely attended and the proceedings were of an interesting character throughout. —Aus.-N.Z. Cable Assn. Received August 17, 5.5 p.m. The news received here to-day states that the matter is under consideration and further particulars will be announced at an early date. The position is regarded as satisfactory by those concerned, and the negotiations are proceeding. It is stated that the authorities have taken the necessary steps to deal with the situation, and a further report is expected shortly. The meeting was largely attended and the proceedings were of an interesting character throughout. —Aus.-N.Z. Cable Assn.
THE PRINCE OF WALES.
VISIT TO CANADA.
Received August 17, 5.5 p.m. The news received here to-day states that the matter is under consideration and further particulars will be announced at an early date. The position is regarded as satisfactory by those concerned, and the negotiations are proceeding. It is stated that the authorities have taken the necessary steps to deal with the situation, and a further report is expected shortly. The meeting was largely attended and the proceedings were of an interesting character throughout. —Aus.-N.Z. Cable Assn. Received August 17, 5.5 p.m. The news received here to-day states that the matter is under consideration and further particulars will be announced at an early date. The position is regarded as satisfactory by those concerned, and the negotiations are proceeding. It is stated that the authorities have taken the necessary steps to deal with the situation, and a further report is expected shortly. The meeting was largely attended and the proceedings were of an interesting character throughout. —Aus.-N.Z. Cable Assn. Received August 17, 5.5 p.m. The news received here to-day states that the matter is under consideration and further particulars will be announced at an early date. The position is regarded as satisfactory by those concerned, and the negotiations are proceeding. It is stated that the authorities have taken the necessary steps to deal with the situation, and a further report is expected shortly. The meeting was largely attended and the proceedings were of an interesting character throughout. —Aus.-N.Z. Cable Assn.
Received August 17, 5.5 p.m. The news received here to-day states that the matter is under consideration and further particulars will be announced at an early date. The position is regarded as satisfactory by those concerned, and the negotiations are proceeding. It is stated that the authorities have taken the necessary steps to deal with the situation, and a further report is expected shortly. The meeting was largely attended and the proceedings were of an interesting character throughout. —Aus.-N.Z. Cable Assn. Received August 17, 5.5 p.m. The news received here to-day states that the matter is under consideration and further particulars will be announced at an early date. The position is regarded as satisfactory by those concerned, and the negotiations are proceeding. It is stated that the authorities have taken the necessary steps to deal with the situation, and a further report is expected shortly. The meeting was largely attended and the proceedings were of an interesting character throughout. —Aus.-N.Z. Cable Assn. Received August 17, 5.5 p.m. The news received here to-day states that the matter is under consideration and further particulars will be announced at an early date. The position is regarded as satisfactory by those concerned, and the negotiations are proceeding. It is stated that the authorities have taken the necessary steps to deal with the situation, and a further report is expected shortly. The meeting was largely attended and the proceedings were of an interesting character throughout. —Aus.-N.Z. Cable Assn. Received August 17, 5.5 p.m. The news received here to-day states that the matter is under consideration and further particulars will be announced at an early date. The position is regarded as satisfactory by those concerned, and the negotiations are proceeding. It is stated that the authorities have taken the necessary steps to deal with the situation, and a further report is expected shortly. The meeting was largely attended and the proceedings were of an interesting character throughout. —Aus.-N.Z. Cable Assn.
DAIRY COMPANIES.
ELTHAM.
TWENTY-NINTH ANNUAL MEETING.
Received August 17, 5.5 p.m. The news received here to-day states that the matter is under consideration and further particulars will be announced at an early date. The position is regarded as satisfactory by those concerned, and the negotiations are proceeding. It is stated that the authorities have taken the necessary steps to deal with the situation, and a further report is expected shortly. The meeting was largely attended and the proceedings were of an interesting character throughout. —Aus.-N.Z. Cable Assn. Received August 17, 5.5 p.m. The news received here to-day states that the matter is under consideration and further particulars will be announced at an early date. The position is regarded as satisfactory by those concerned, and the negotiations are proceeding. It is stated that the authorities have taken the necessary steps to deal with the situation, and a further report is expected shortly. The meeting was largely attended and the proceedings were of an interesting character throughout. —Aus.-N.Z. Cable Assn. Received August 17, 5.5 p.m. The news received here to-day states that the matter is under consideration and further particulars will be announced at an early date. The position is regarded as satisfactory by those concerned, and the negotiations are proceeding. It is stated that the authorities have taken the necessary steps to deal with the situation, and a further report is expected shortly. The meeting was largely attended and the proceedings were of an interesting character throughout. —Aus.-N.Z. Cable Assn.
REPORT AND BALANCE-SHEET.
Received August 17, 5.5 p.m. The news received here to-day states that the matter is under consideration and further particulars will be announced at an early date. The position is regarded as satisfactory by those concerned, and the negotiations are proceeding. It is stated that the authorities have taken the necessary steps to deal with the situation, and a further report is expected shortly. The meeting was largely attended and the proceedings were of an interesting character throughout. —Aus.-N.Z. Cable Assn. Received August 17, 5.5 p.m. The news received here to-day states that the matter is under consideration and further particulars will be announced at an early date. The position is regarded as satisfactory by those concerned, and the negotiations are proceeding. It is stated that the authorities have taken the necessary steps to deal with the situation, and a further report is expected shortly. The meeting was largely attended and the proceedings were of an interesting character throughout. —Aus.-N.Z. Cable Assn. Received August 17, 5.5 p.m. The news received here to-day states that the matter is under consideration and further particulars will be announced at an early date. The position is regarded as satisfactory by those concerned, and the negotiations are proceeding. It is stated that the authorities have taken the necessary steps to deal with the situation, and a further report is expected shortly. The meeting was largely attended and the proceedings were of an interesting character throughout. —Aus.-N.Z. Cable Assn.
CHAIRMAN'S ADDRESS.
Received August 17, 5.5 p.m. The news received here to-day states that the matter is under consideration and further particulars will be announced at an early date. The position is regarded as satisfactory by those concerned, and the negotiations are proceeding. It is stated that the authorities have taken the necessary steps to deal with the situation, and a further report is expected shortly. The meeting was largely attended and the proceedings were of an interesting character throughout. —Aus.-N.Z. Cable Assn. Received August 17, 5.5 p.m. The news received here to-day states that the matter is under consideration and further particulars will be announced at an early date. The position is regarded as satisfactory by those concerned, and the negotiations are proceeding. It is stated that the authorities have taken the necessary steps to deal with the situation, and a further report is expected shortly. The meeting was largely attended and the proceedings were of an interesting character throughout. —Aus.-N.Z. Cable Assn. Received August 17, 5.5 p.m. The news received here to-day states that the matter is under consideration and further particulars will be announced at an early date. The position is regarded as satisfactory by those concerned, and the negotiations are proceeding. It is stated that the authorities have taken the necessary steps to deal with the situation, and a further report is expected shortly. The meeting was largely attended and the proceedings were of an interesting character throughout. —Aus.-N.Z. Cable Assn.
Received August 17, 5.5 p.m. The news received here to-day states that the matter is under consideration and further particulars will be announced at an early date. The position is regarded as satisfactory by those concerned, and the negotiations are proceeding. It is stated that the authorities have taken the necessary steps to deal with the situation, and a further report is expected shortly. The meeting was largely attended and the proceedings were of an interesting character throughout. —Aus.-N.Z. Cable Assn. Received August 17, 5.5 p.m. The news received here to-day states that the matter is under consideration and further particulars will be announced at an early date. The position is regarded as satisfactory by those concerned, and the negotiations are proceeding. It is stated that the authorities have taken the necessary steps to deal with the situation, and a further report is expected shortly. The meeting was largely attended and the proceedings were of an interesting character throughout. —Aus.-N.Z. Cable Assn. Received August 17, 5.5 p.m. The news received here to-day states that the matter is under consideration and further particulars will be announced at an early date. The position is regarded as satisfactory by those concerned, and the negotiations are proceeding. It is stated that the authorities have taken the necessary steps to deal with the situation, and a further report is expected shortly. The meeting was largely attended and the proceedings were of an interesting character throughout. —Aus.-N.Z. Cable Assn. Received August 17, 5.5 p.m. The news received here to-day states that the matter is under consideration and further particulars will be announced at an early date. The position is regarded as satisfactory by those concerned, and the negotiations are proceeding. It is stated that the authorities have taken the necessary steps to deal with the situation, and a further report is expected shortly. The meeting was largely attended and the proceedings were of an interesting character throughout. —Aus.-N.Z. Cable Assn.
ELECTION OF DIRECTORS.
Received August 17, 5.5 p.m. The news received here to-day states that the matter is under consideration and further particulars will be announced at an early date. The position is regarded as satisfactory by those concerned, and the negotiations are proceeding. It is stated that the authorities have taken the necessary steps to deal with the situation, and a further report is expected shortly. The meeting was largely attended and the proceedings were of an interesting character throughout. —Aus.-N.Z. Cable Assn. Received August 17, 5.5 p.m. The news received here to-day states that the matter is under consideration and further particulars will be announced at an early date. The position is regarded as satisfactory by those concerned, and the negotiations are proceeding. It is stated that the authorities have taken the necessary steps to deal with the situation, and a further report is expected shortly. The meeting was largely attended and the proceedings were of an interesting character throughout. —Aus.-N.Z. Cable Assn. Received August 17, 5.5 p.m. The news received here to-day states that the matter is under consideration and further particulars will be announced at an early date. The position is regarded as satisfactory by those concerned, and the negotiations are proceeding. It is stated that the authorities have taken the necessary steps to deal with the situation, and a further report is expected shortly. The meeting was largely attended and the proceedings were of an interesting character throughout. —Aus.-N.Z. Cable Assn.
NOTICES OF MOTION.
Received August 17, 5.5 p.m. The news received here to-day states that the matter is under consideration and further particulars will be announced at an early date. The position is regarded as satisfactory by those concerned, and the negotiations are proceeding. It is stated that the authorities have taken the necessary steps to deal with the situation, and a further report is expected shortly. The meeting was largely attended and the proceedings were of an interesting character throughout. —Aus.-N.Z. Cable Assn. Received August 17, 5.5 p.m. The news received here to-day states that the matter is under consideration and further particulars will be announced at an early date. The position is regarded as satisfactory by those concerned, and the negotiations are proceeding. It is stated that the authorities have taken the necessary steps to deal with the situation, and a further report is expected shortly. The meeting was largely attended and the proceedings were of an interesting character throughout. —Aus.-N.Z. Cable Assn. Received August 17, 5.5 p.m. The news received here to-day states that the matter is under consideration and further particulars will be announced at an early date. The position is regarded as satisfactory by those concerned, and the negotiations are proceeding. It is stated that the authorities have taken the necessary steps to deal with the situation, and a further report is expected shortly. The meeting was largely attended and the proceedings were of an interesting character throughout. —Aus.-N.Z. Cable Assn.
GENERAL.
Received August 17, 5.5 p.m. The news received here to-day states that the matter is under consideration and further particulars will be announced at an early date. The position is regarded as satisfactory by those concerned, and the negotiations are proceeding. It is stated that the authorities have taken the necessary steps to deal with the situation, and a further report is expected shortly. The meeting was largely attended and the proceedings were of an interesting character throughout. —Aus.-N.Z. Cable Assn. Received August 17, 5.5 p.m. The news received here to-day states that the matter is under consideration and further particulars will be announced at an early date. The position is regarded as satisfactory by those concerned, and the negotiations are proceeding. It is stated that the authorities have taken the necessary steps to deal with the situation, and a further report is expected shortly. The meeting was largely attended and the proceedings were of an interesting character throughout. —Aus.-N.Z. Cable Assn. Received August 17, 5.5 p.m. The news received here to-day states that the matter is under consideration and further particulars will be announced at an early date. The position is regarded as satisfactory by those concerned, and the negotiations are proceeding. It is stated that the authorities have taken the necessary steps to deal with the situation, and a further report is expected shortly. The meeting was largely attended and the proceedings were of an interesting character throughout. —Aus.-N.Z. Cable Assn.
ELECTION OF CHAIRMAN.
Received August 17, 5.5 p.m. The news received here to-day states that the matter is under consideration and further particulars will be announced at an early date. The position is regarded as satisfactory by those concerned, and the negotiations are proceeding. It is stated that the authorities have taken the necessary steps to deal with the situation, and a further report is expected shortly. The meeting was largely attended and the proceedings were of an interesting character throughout. —Aus.-N.Z. Cable Assn. Received August 17, 5.5 p.m. The news received here to-day states that the matter is under consideration and further particulars will be announced at an early date. The position is regarded as satisfactory by those concerned, and the negotiations are proceeding. It is stated that the authorities have taken the necessary steps to deal with the situation, and a further report is expected shortly. The meeting was largely attended and the proceedings were of an interesting character throughout. —Aus.-N.Z. Cable Assn. Received August 17, 5.5 p.m. The news received here to-day states that the matter is under consideration and further particulars will be announced at an early date. The position is regarded as satisfactory by those concerned, and the negotiations are proceeding. It is stated that the authorities have taken the necessary steps to deal with the situation, and a further report is expected shortly. The meeting was largely attended and the proceedings were of an interesting character throughout. —Aus.-N.Z. Cable Assn.
Received August 17, 5.5 p.m. The news received here to-day states that the matter is under consideration and further particulars will be announced at an early date. The position is regarded as satisfactory by those concerned, and the negotiations are proceeding. It is stated that the authorities have taken the necessary steps to deal with the situation, and a further report is expected shortly. The meeting was largely attended and the proceedings were of an interesting character throughout. —Aus.-N.Z. Cable Assn. Received August 17, 5.5 p.m. The news received here to-day states that the matter is under consideration and further particulars will be announced at an early date. The position is regarded as satisfactory by those concerned, and the negotiations are proceeding. It is stated that the authorities have taken the necessary steps to deal with the situation, and a further report is expected shortly. The meeting was largely attended and the proceedings were of an interesting character throughout. —Aus.-N.Z. Cable Assn. Received August 17, 5.5 p.m. The news received here to-day states that the matter is under consideration and further particulars will be announced at an early date. The position is regarded as satisfactory by those concerned, and the negotiations are proceeding. It is stated that the authorities have taken the necessary steps to deal with the situation, and a further report is expected shortly. The meeting was largely attended and the proceedings were of an interesting character throughout. —Aus.-N.Z. Cable Assn. Received August 17, 5.5 p.m. The news received here to-day states that the matter is under consideration and further particulars will be announced at an early date. The position is regarded as satisfactory by those concerned, and the negotiations are proceeding. It is stated that the authorities have taken the necessary steps to deal with the situation, and a further report is expected shortly. The meeting was largely attended and the proceedings were of an interesting character throughout. —Aus.-N.Z. Cable Assn.
AUSTRALIAN SHIPPING STRIKE.
DECISION STILL IN DOUBT.
COAL RESTRICTIONS RE-IMPOSED.
Received August 17, 5.5 p.m. The news received here to-day states that the matter is under consideration and further particulars will be announced at an early date. The position is regarded as satisfactory by those concerned, and the negotiations are proceeding. It is stated that the authorities have taken the necessary steps to deal with the situation, and a further report is expected shortly. The meeting was largely attended and the proceedings were of an interesting character throughout. —Aus.-N.Z. Cable Assn. Received August 17, 5.5 p.m. The news received here to-day states that the matter is under consideration and further particulars will be announced at an early date. The position is regarded as satisfactory by those concerned, and the negotiations are proceeding. It is stated that the authorities have taken the necessary steps to deal with the situation, and a further report is expected shortly. The meeting was largely attended and the proceedings were of an interesting character throughout. —Aus.-N.Z. Cable Assn. Received August 17, 5.5 p.m. The news received here to-day states that the matter is under consideration and further particulars will be announced at an early date. The position is regarded as satisfactory by those concerned, and the negotiations are proceeding. It is stated that the authorities have taken the necessary steps to deal with the situation, and a further report is expected shortly. The meeting was largely attended and the proceedings were of an interesting character throughout. —Aus.-N.Z. Cable Assn.
MEETING OF SEAMEN.
MANNING OF SHIPS POSTPONED.
Received August 17, 5.5 p.m. The news received here to-day states that the matter is under consideration and further particulars will be announced at an early date. The position is regarded as satisfactory by those concerned, and the negotiations are proceeding. It is stated that the authorities have taken the necessary steps to deal with the situation, and a further report is expected shortly. The meeting was largely attended and the proceedings were of an interesting character throughout. —Aus.-N.Z. Cable Assn. Received August 17, 5.5 p.m. The news received here to-day states that the matter is under consideration and further particulars will be announced at an early date. The position is regarded as satisfactory by those concerned, and the negotiations are proceeding. It is stated that the authorities have taken the necessary steps to deal with the situation, and a further report is expected shortly. The meeting was largely attended and the proceedings were of an interesting character throughout. —Aus.-N.Z. Cable Assn. Received August 17, 5.5 p.m. The news received here to-day states that the matter is under consideration and further particulars will be announced at an early date. The position is regarded as satisfactory by those concerned, and the negotiations are proceeding. It is stated that the authorities have taken the necessary steps to deal with the situation, and a further report is expected shortly. The meeting was largely attended and the proceedings were of an interesting character throughout. —Aus.-N.Z. Cable Assn.
FOOTBALL.
TEAM TO MEET AUSTRALIA.
Received August 17, 5.5 p.m. The news received here to-day states that the matter is under consideration and further particulars will be announced at an early date. The position is regarded as satisfactory by those concerned, and the negotiations are proceeding. It is stated that the authorities have taken the necessary steps to deal with the situation, and a further report is expected shortly. The meeting was largely attended and the proceedings were of an interesting character throughout. —Aus.-N.Z. Cable Assn. Received August 17, 5.5 p.m. The news received here to-day states that the matter is under consideration and further particulars will be announced at an early date. The position is regarded as satisfactory by those concerned, and the negotiations are proceeding. It is stated that the authorities have taken the necessary steps to deal with the situation, and a further report is expected shortly. The meeting was largely attended and the proceedings were of an interesting character throughout. —Aus.-N.Z. Cable Assn. Received August 17, 5.5 p.m. The news received here to-day states that the matter is under consideration and further particulars will be announced at an early date. The position is regarded as satisfactory by those concerned, and the negotiations are proceeding. It is stated that the authorities have taken the necessary steps to deal with the situation, and a further report is expected shortly. The meeting was largely attended and the proceedings were of an interesting character throughout. —Aus.-N.Z. Cable Assn.
SPORTING.
AUSTRALIAN TURF.
Received August 17, 5.5 p.m. The news received here to-day states that the matter is under consideration and further particulars will be announced at an early date. The position is regarded as satisfactory by those concerned, and the negotiations are proceeding. It is stated that the authorities have taken the necessary steps to deal with the situation, and a further report is expected shortly. The meeting was largely attended and the proceedings were of an interesting character throughout. —Aus.-N.Z. Cable Assn. Received August 17, 5.5 p.m. The news received here to-day states that the matter is under consideration and further particulars will be announced at an early date. The position is regarded as satisfactory by those concerned, and the negotiations are proceeding. It is stated that the authorities have taken the necessary steps to deal with the situation, and a further report is expected shortly. The meeting was largely attended and the proceedings were of an interesting character throughout. —Aus.-N.Z. Cable Assn. Received August 17, 5.5 p.m. The news received here to-day states that the matter is under consideration and further particulars will be announced at an early date. The position is regarded as satisfactory by those concerned, and the negotiations are proceeding. It is stated that the authorities have taken the necessary steps to deal with the situation, and a further report is expected shortly. The meeting was largely attended and the proceedings were of an interesting character throughout. —Aus.-N.Z. Cable Assn.
COMMERCIAL.
LONDON MARKETS.
Received August 17, 5.5 p.m. The news received here to-day states that the matter is under consideration and further particulars will be announced at an early date. The position is regarded as satisfactory by those concerned, and the negotiations are proceeding. It is stated that the authorities have taken the necessary steps to deal with the situation, and a further report is expected shortly. The meeting was largely attended and the proceedings were of an interesting character throughout. —Aus.-N.Z. Cable Assn. Received August 17, 5.5 p.m. The news received here to-day states that the matter is under consideration and further particulars will be announced at an early date. The position is regarded as satisfactory by those concerned, and the negotiations are proceeding. It is stated that the authorities have taken the necessary steps to deal with the situation, and a further report is expected shortly. The meeting was largely attended and the proceedings were of an interesting character throughout. —Aus.-N.Z. Cable Assn. Received August 17, 5.5 p.m. The news received here to-day states that the matter is under consideration and further particulars will be announced at an early date. The position is regarded as satisfactory by those concerned, and the negotiations are proceeding. It is stated that the authorities have taken the necessary steps to deal with the situation, and a further report is expected shortly. The meeting was largely attended and the proceedings were of an interesting character throughout. —Aus.-N.Z. Cable Assn.
BACK FROM THE WAR.
RETURNING TARANAKI MEN.
Received August 17, 5.5 p.m. The news received here to-day states that the matter is under consideration and further particulars will be announced at an early date. The position is regarded as satisfactory by those concerned, and the negotiations are proceeding. It is stated that the authorities have taken the necessary steps to deal with the situation, and a further report is expected shortly. The meeting was largely attended and the proceedings were of an interesting character throughout. —Aus.-N.Z. Cable Assn. Received August 17, 5.5 p.m. The news received here to-day states that the matter is under consideration and further particulars will be announced at an early date. The position is regarded as satisfactory by those concerned, and the negotiations are proceeding. It is stated that the authorities have taken the necessary steps to deal with the situation, and a further report is expected shortly. The meeting was largely attended and the proceedings were of an interesting character throughout. —Aus.-N.Z. Cable Assn. Received August 17, 5.5 p.m. The news received here to-day states that the matter is under consideration and further particulars will be announced at an early date. The position is regarded as satisfactory by those concerned, and the negotiations are proceeding. It is stated that the authorities have taken the necessary steps to deal with the situation, and a further report is expected shortly. The meeting was largely attended and the proceedings were of an interesting character throughout. —Aus.-N.Z. Cable Assn.
Received August 17, 5.5 p.m. The news received here to-day states that the matter is under consideration and further particulars will be announced at an early date. The position is regarded as satisfactory by those concerned, and the negotiations are proceeding. It is stated that the authorities have taken the necessary steps to deal with the situation, and a further report is expected shortly. The meeting was largely attended and the proceedings were of an interesting character throughout. —Aus.-N.Z. Cable Assn. Received August 17, 5.5 p.m. The news received here to-day states that the matter is under consideration and further particulars will be announced at an early date. The position is regarded as satisfactory by those concerned, and the negotiations are proceeding. It is stated that the authorities have taken the necessary steps to deal with the situation, and a further report is expected shortly. The meeting was largely attended and the proceedings were of an interesting character throughout. —Aus.-N.Z. Cable Assn. Received August 17, 5.5 p.m. The news received here to-day states that the matter is under consideration and further particulars will be announced at an early date. The position is regarded as satisfactory by those concerned, and the negotiations are proceeding. It is stated that the authorities have taken the necessary steps to deal with the situation, and a further report is expected shortly. The meeting was largely attended and the proceedings were of an interesting character throughout. —Aus.-N.Z. Cable Assn. Received August 17, 5.5 p.m. The news received here to-day states that the matter is under consideration and further particulars will be announced at an early date. The position is regarded as satisfactory by those concerned, and the negotiations are proceeding. It is stated that the authorities have taken the necessary steps to deal with the situation, and a further report is expected shortly. The meeting was largely attended and the proceedings were of an interesting character throughout. —Aus.-N.Z. Cable Assn.
